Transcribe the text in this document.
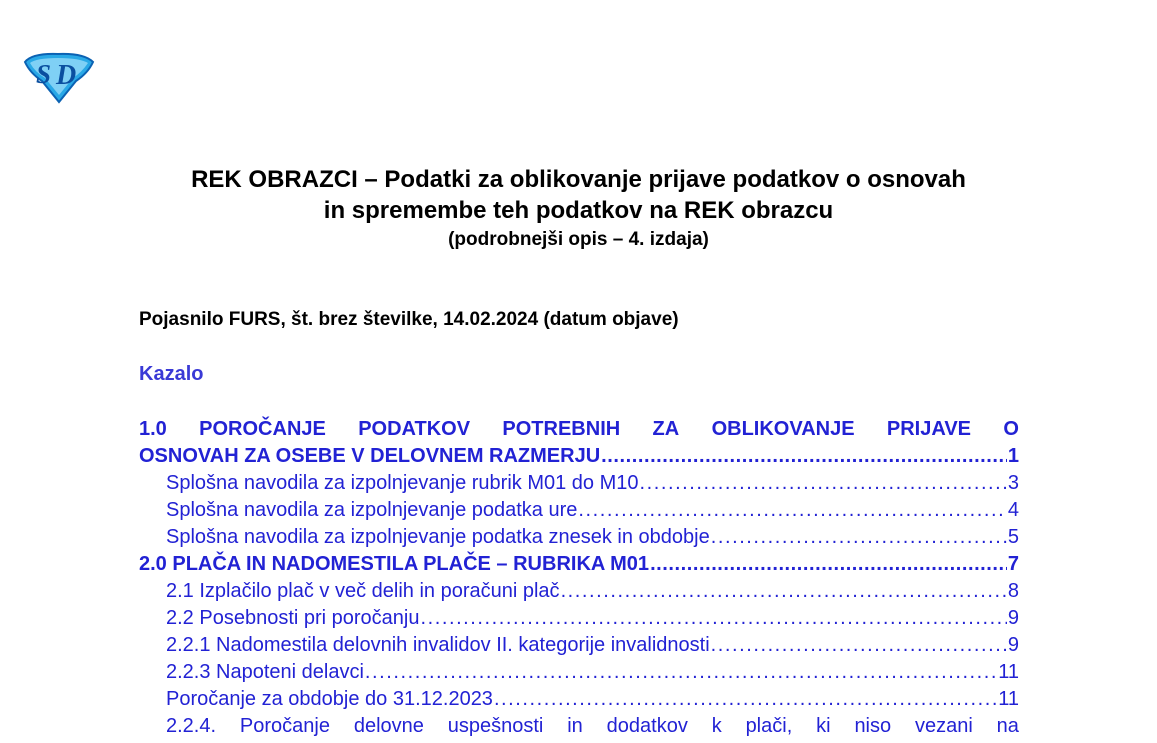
S D
REK OBRAZCI – Podatki za oblikovanje prijave podatkov o osnovah
in spremembe teh podatkov na REK obrazcu
(podrobnejši opis – 4. izdaja)
Pojasnilo FURS, št. brez številke, 14.02.2024 (datum objave)
Kazalo
1.0 POROČANJE PODATKOV POTREBNIH ZA OBLIKOVANJE PRIJAVE O
OSNOVAH ZA OSEBE V DELOVNEM RAZMERJU . . .	1
Splošna navodila za izpolnjevanje rubrik M01 do M10 . . .	3
Splošna navodila za izpolnjevanje podatka ure . . .	4
Splošna navodila za izpolnjevanje podatka znesek in obdobje . . .	5
2.0 PLAČA IN NADOMESTILA PLAČE – RUBRIKA M01 . . .	7
2.1 Izplačilo plač v več delih in poračuni plač . . .	8
2.2 Posebnosti pri poročanju . . .	9
2.2.1 Nadomestila delovnih invalidov II. kategorije invalidnosti . . .	9
2.2.3 Napoteni delavci . . .	11
Poročanje za obdobje do 31.12.2023 . . .	11
2.2.4. Poročanje delovne uspešnosti in dodatkov k plači, ki niso vezani na
